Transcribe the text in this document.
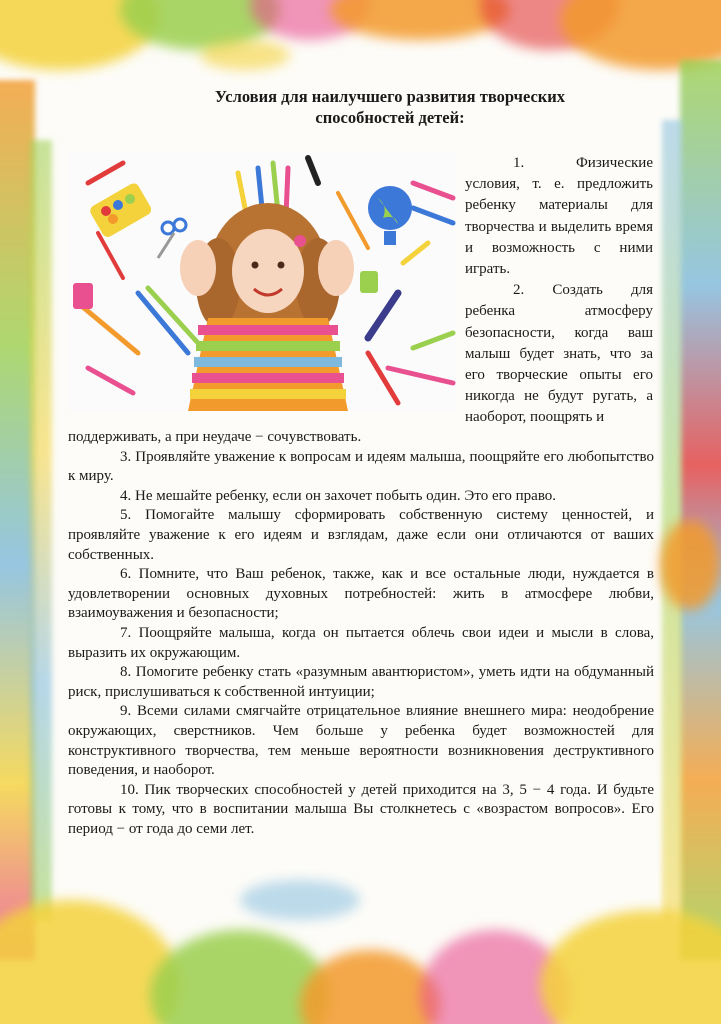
Условия для наилучшего развития творческих
способностей детей:

1. Физические условия, т. е. предложить ребенку материалы для творчества и выделить время и возможность с ними играть.

2. Создать для ребенка атмосферу безопасности, когда ваш малыш будет знать, что за его творческие опыты его никогда не будут ругать, а наоборот, поощрять и

поддерживать, а при неудаче − сочувствовать.

3. Проявляйте уважение к вопросам и идеям малыша, поощряйте его любопытство к миру.

4. Не мешайте ребенку, если он захочет побыть один. Это его право.

5. Помогайте малышу сформировать собственную систему ценностей, и проявляйте уважение к его идеям и взглядам, даже если они отличаются от ваших собственных.

6. Помните, что Ваш ребенок, также, как и все остальные люди, нуждается в удовлетворении основных духовных потребностей: жить в атмосфере любви, взаимоуважения и безопасности;

7. Поощряйте малыша, когда он пытается облечь свои идеи и мысли в слова, выразить их окружающим.

8. Помогите ребенку стать «разумным авантюристом», уметь идти на обдуманный риск, прислушиваться к собственной интуиции;

9. Всеми силами смягчайте отрицательное влияние внешнего мира: неодобрение окружающих, сверстников. Чем больше у ребенка будет возможностей для конструктивного творчества, тем меньше вероятности возникновения деструктивного поведения, и наоборот.

10. Пик творческих способностей у детей приходится на 3, 5 − 4 года. И будьте готовы к тому, что в воспитании малыша Вы столкнетесь с «возрастом вопросов». Его период − от года до семи лет.
